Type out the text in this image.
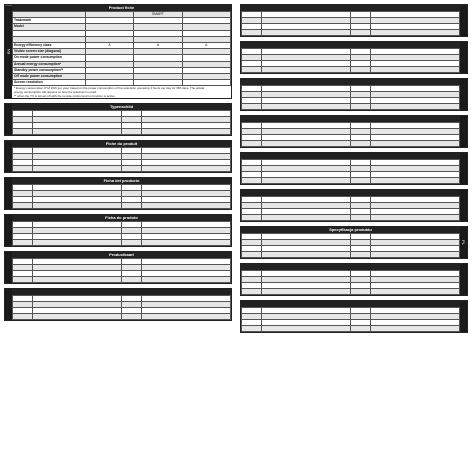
EN
Product fiche
		SMART	
Trademark			
Model			

Energy efficiency class	A	A	A
Visible screen size (diagonal)			
On mode power consumption			
Annual energy consumption*			
Standby power consumption**			
Off mode power consumption			
Screen resolution			
* Energy consumption XYZ kWh per year, based on the power consumption of the television operating 4 hours per day for 365 days. The actual
energy consumption will depend on how the television is used.
** when the TV is turned off with the remote control and no function is active
Typenschild

Fiche du produit

Ficha del producto

Ficha do produto

Productkaart

PL
Specyfikacja produktu
